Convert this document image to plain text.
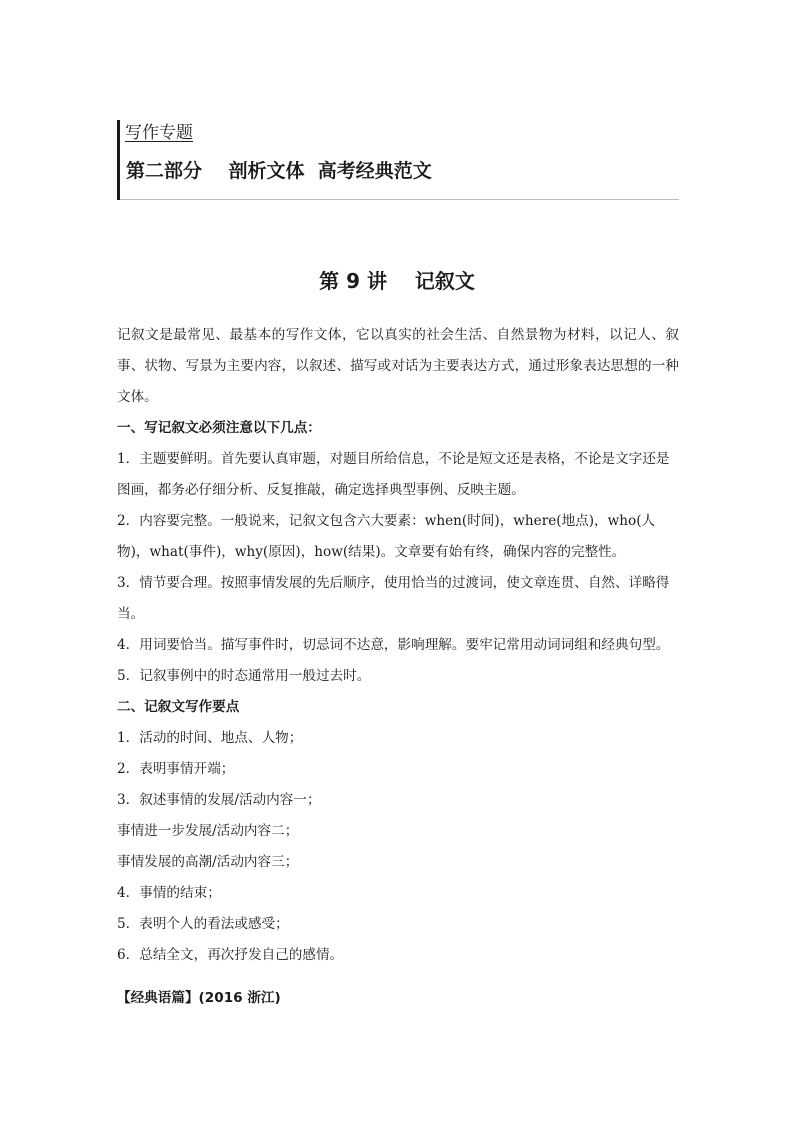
写作专题
第二部分    剖析文体  高考经典范文
第 9 讲    记叙文

记叙文是最常见、最基本的写作文体，它以真实的社会生活、自然景物为材料，以记人、叙事、状物、写景为主要内容，以叙述、描写或对话为主要表达方式，通过形象表达思想的一种文体。

一、写记叙文必须注意以下几点：

1．主题要鲜明。首先要认真审题，对题目所给信息，不论是短文还是表格，不论是文字还是图画，都务必仔细分析、反复推敲，确定选择典型事例、反映主题。

2．内容要完整。一般说来，记叙文包含六大要素：when(时间)，where(地点)，who(人物)，what(事件)，why(原因)，how(结果)。文章要有始有终，确保内容的完整性。

3．情节要合理。按照事情发展的先后顺序，使用恰当的过渡词，使文章连贯、自然、详略得当。

4．用词要恰当。描写事件时，切忌词不达意，影响理解。要牢记常用动词词组和经典句型。

5．记叙事例中的时态通常用一般过去时。

二、记叙文写作要点

1．活动的时间、地点、人物；

2．表明事情开端；

3．叙述事情的发展/活动内容一；

事情进一步发展/活动内容二；

事情发展的高潮/活动内容三；

4．事情的结束；

5．表明个人的看法或感受；

6．总结全文，再次抒发自己的感情。

【经典语篇】(2016 浙江)
